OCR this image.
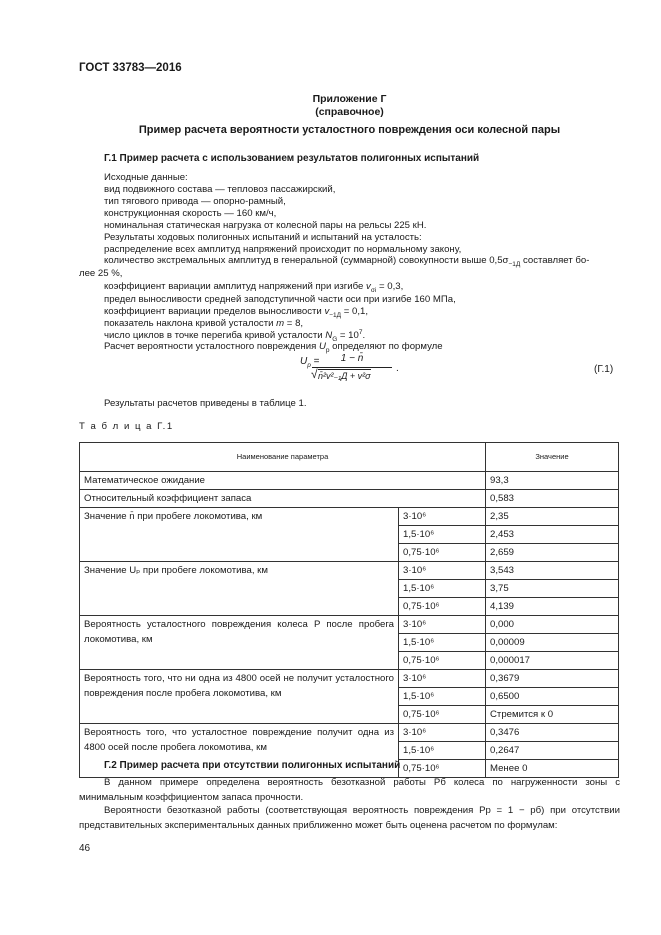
ГОСТ 33783—2016
Приложение Г
(справочное)
Пример расчета вероятности усталостного повреждения оси колесной пары
Г.1 Пример расчета с использованием результатов полигонных испытаний
Исходные данные:
вид подвижного состава — тепловоз пассажирский,
тип тягового привода — опорно-рамный,
конструкционная скорость — 160 км/ч,
номинальная статическая нагрузка от колесной пары на рельсы 225 кН.
Результаты ходовых полигонных испытаний и испытаний на усталость:
распределение всех амплитуд напряжений происходит по нормальному закону,
количество экстремальных амплитуд в генеральной (суммарной) совокупности выше $0,5\sigma_{-1Д}$ составляет бо-
лее 25 %,
коэффициент вариации амплитуд напряжений при изгибе $v_{\sigma i} = 0,3$,
предел выносливости средней заподступичной части оси при изгибе 160 МПа,
коэффициент вариации пределов выносливости $v_{-1Д} = 0,1$,
показатель наклона кривой усталости m = 8,
число циклов в точке перегиба кривой усталости $N_G = 10^7$.
Расчет вероятности усталостного повреждения $U_p$ определяют по формуле
$U_p$ =	1 − n̄
√ n̄²v²₋₁Д + v²σ
.	(Г.1)
Результаты расчетов приведены в таблице 1.
Т а б л и ц а Г.1
Наименование параметра		Значение
Математическое ожидание		93,3
Относительный коэффициент запаса		0,583
Значение n̄ при пробеге локомотива, км	3·10⁶	2,35
	1,5·10⁶	2,453
	0,75·10⁶	2,659
Значение Uₚ при пробеге локомотива, км	3·10⁶	3,543
	1,5·10⁶	3,75
	0,75·10⁶	4,139
Вероятность усталостного повреждения колеса P после пробега локомотива, км	3·10⁶	0,000
	1,5·10⁶	0,00009
	0,75·10⁶	0,000017
Вероятность того, что ни одна из 4800 осей не получит усталостного повреждения после пробега локомотива, км	3·10⁶	0,3679
	1,5·10⁶	0,6500
	0,75·10⁶	Стремится к 0
Вероятность того, что усталостное повреждение получит одна из 4800 осей после пробега локомотива, км	3·10⁶	0,3476
	1,5·10⁶	0,2647
	0,75·10⁶	Менее 0
Г.2 Пример расчета при отсутствии полигонных испытаний
В данном примере определена вероятность безотказной работы Pб колеса по нагруженности зоны с минимальным коэффициентом запаса прочности.
Вероятности безотказной работы (соответствующая вероятность повреждения Pр = 1 − pб) при отсутствии представительных экспериментальных данных приближенно может быть оценена расчетом по формулам:
46
